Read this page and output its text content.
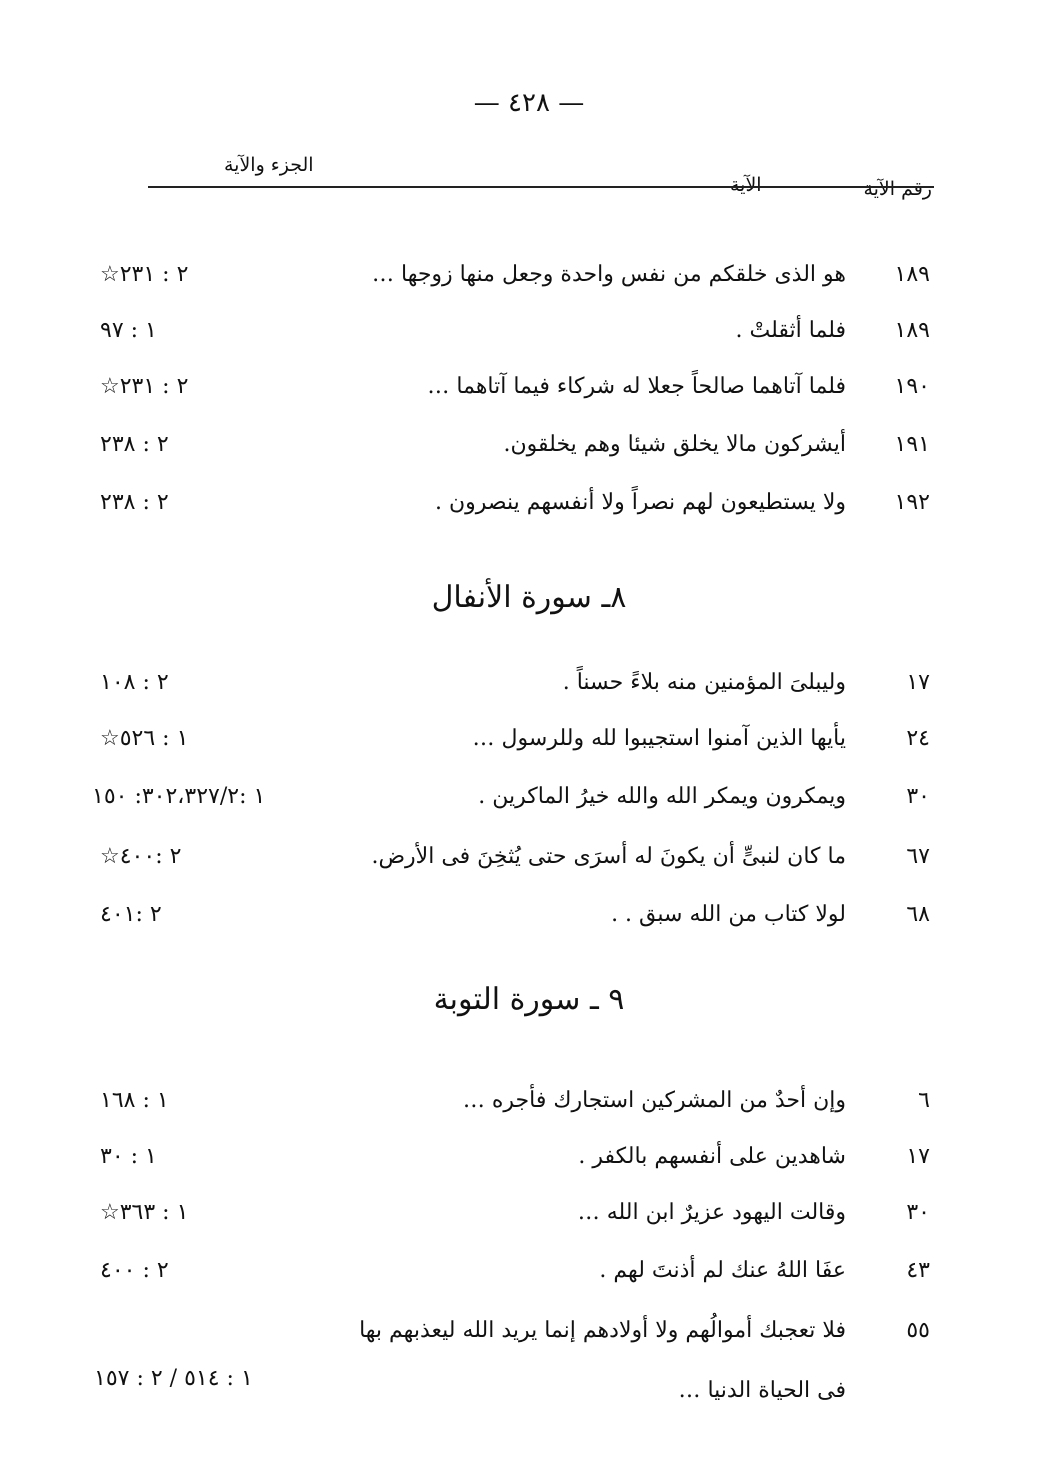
— ٤٢٨ —
الجزء والآية
الآية	رقم الآية
١٨٩
هو الذى خلقكم من نفس واحدة وجعل منها زوجها …
٢ : ٢٣١☆
١٨٩
فلما أثقلتْ .
١ : ٩٧
١٩٠
فلما آتاهما صالحاً جعلا له شركاء فيما آتاهما …
٢ : ٢٣١☆
١٩١
أيشركون مالا يخلق شيئا وهم يخلقون.
٢ : ٢٣٨
١٩٢
ولا يستطيعون لهم نصراً ولا أنفسهم ينصرون .
٢ : ٢٣٨
٨ـ سورة الأنفال
١٧
وليبلىَ المؤمنين منه بلاءً حسناً .
٢ : ١٠٨
٢٤
يأيها الذين آمنوا استجيبوا لله وللرسول …
١ : ٥٢٦☆
٣٠
ويمكرون ويمكر الله والله خيرُ الماكرين .
١ :٣٠٢،٣٢٧/٢: ١٥٠
٦٧
ما كان لنبىٍّ أن يكونَ له أسرَى حتى يُثخِنَ فى الأرض.
٢ :٤٠٠☆
٦٨
لولا كتاب من الله سبق . .
٢ :٤٠١
٩ ـ سورة التوبة
٦
وإن أحدٌ من المشركين استجارك فأجره …
١ : ١٦٨
١٧
شاهدين على أنفسهم بالكفر .
١ : ٣٠
٣٠
وقالت اليهود عزيرٌ ابن الله …
١ : ٣٦٣☆
٤٣
عفَا اللهُ عنك لم أذنتَ لهم .
٢ : ٤٠٠
٥٥
فلا تعجبك أموالُهم ولا أولادهم إنما يريد الله ليعذبهم بها
فى الحياة الدنيا …
١ : ٥١٤ / ٢ : ١٥٧
